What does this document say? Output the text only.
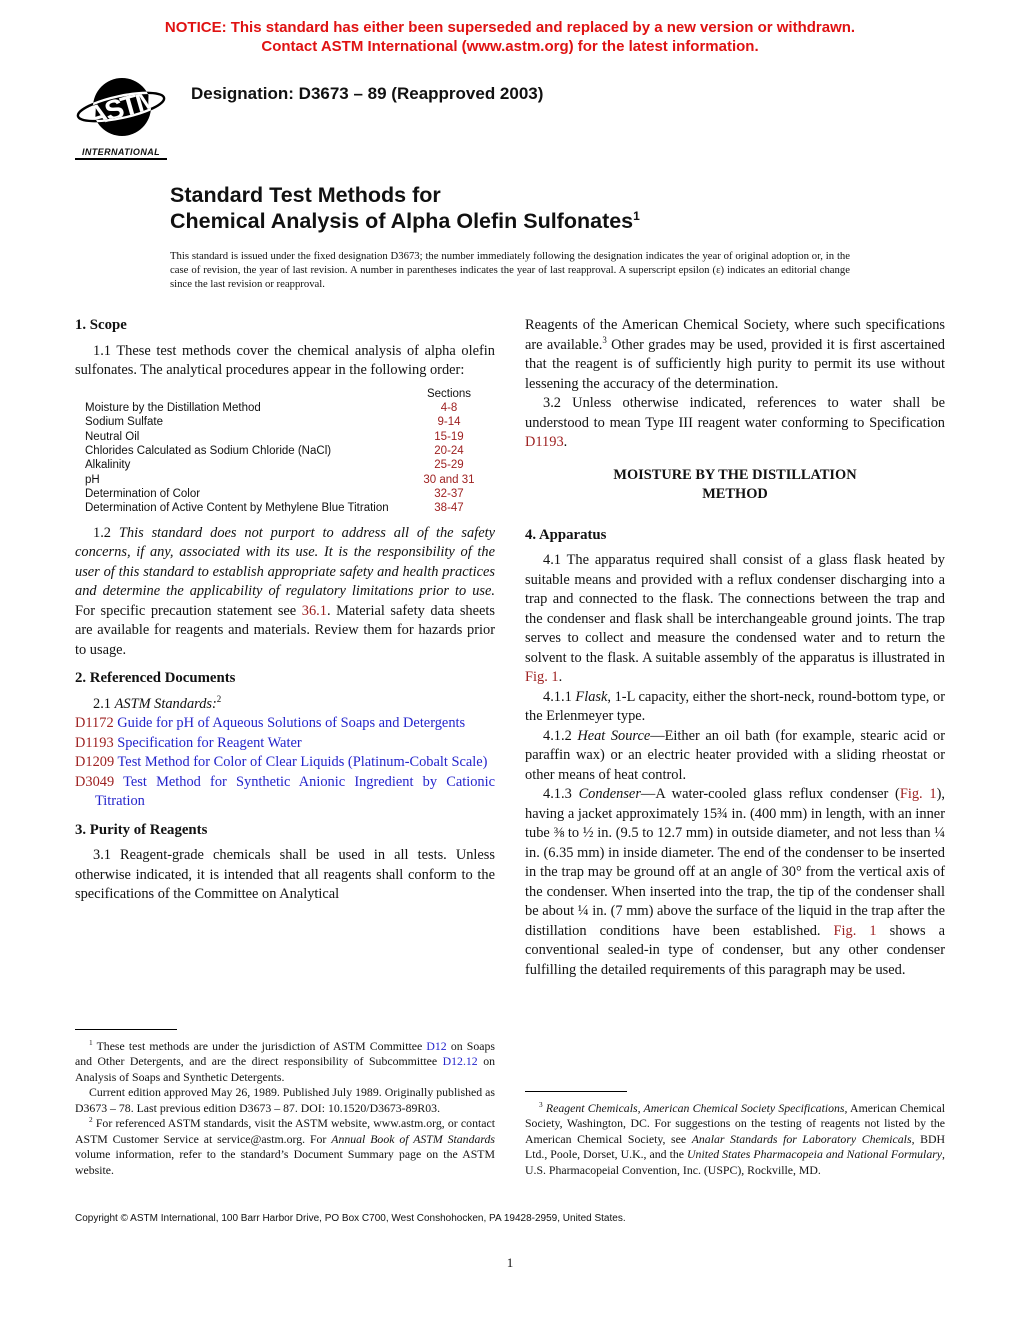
NOTICE: This standard has either been superseded and replaced by a new version or withdrawn.
Contact ASTM International (www.astm.org) for the latest information.
ASTM
INTERNATIONAL
Designation: D3673 – 89 (Reapproved 2003)
Standard Test Methods for
Chemical Analysis of Alpha Olefin Sulfonates$^1$
This standard is issued under the fixed designation D3673; the number immediately following the designation indicates the year of original adoption or, in the case of revision, the year of last revision. A number in parentheses indicates the year of last reapproval. A superscript epsilon (ε) indicates an editorial change since the last revision or reapproval.
1. Scope
1.1 These test methods cover the chemical analysis of alpha olefin sulfonates. The analytical procedures appear in the following order:
Sections
Moisture by the Distillation Method	4-8
Sodium Sulfate	9-14
Neutral Oil	15-19
Chlorides Calculated as Sodium Chloride (NaCl)	20-24
Alkalinity	25-29
pH	30 and 31
Determination of Color	32-37
Determination of Active Content by Methylene Blue Titration	38-47
1.2 This standard does not purport to address all of the safety concerns, if any, associated with its use. It is the responsibility of the user of this standard to establish appropriate safety and health practices and determine the applicability of regulatory limitations prior to use. For specific precaution statement see 36.1. Material safety data sheets are available for reagents and materials. Review them for hazards prior to usage.
2. Referenced Documents
2.1 ASTM Standards:$^2$
D1172 Guide for pH of Aqueous Solutions of Soaps and Detergents
D1193 Specification for Reagent Water
D1209 Test Method for Color of Clear Liquids (Platinum-Cobalt Scale)
D3049 Test Method for Synthetic Anionic Ingredient by Cationic Titration
3. Purity of Reagents
3.1 Reagent-grade chemicals shall be used in all tests. Unless otherwise indicated, it is intended that all reagents shall conform to the specifications of the Committee on Analytical
$^1$ These test methods are under the jurisdiction of ASTM Committee D12 on Soaps and Other Detergents, and are the direct responsibility of Subcommittee D12.12 on Analysis of Soaps and Synthetic Detergents.
Current edition approved May 26, 1989. Published July 1989. Originally published as D3673 – 78. Last previous edition D3673 – 87. DOI: 10.1520/D3673-89R03.
$^2$ For referenced ASTM standards, visit the ASTM website, www.astm.org, or contact ASTM Customer Service at service@astm.org. For Annual Book of ASTM Standards volume information, refer to the standard’s Document Summary page on the ASTM website.
Reagents of the American Chemical Society, where such specifications are available.$^3$ Other grades may be used, provided it is first ascertained that the reagent is of sufficiently high purity to permit its use without lessening the accuracy of the determination.
3.2 Unless otherwise indicated, references to water shall be understood to mean Type III reagent water conforming to Specification D1193.
MOISTURE BY THE DISTILLATION
METHOD
4. Apparatus
4.1 The apparatus required shall consist of a glass flask heated by suitable means and provided with a reflux condenser discharging into a trap and connected to the flask. The connections between the trap and the condenser and flask shall be interchangeable ground joints. The trap serves to collect and measure the condensed water and to return the solvent to the flask. A suitable assembly of the apparatus is illustrated in Fig. 1.
4.1.1 Flask, 1-L capacity, either the short-neck, round-bottom type, or the Erlenmeyer type.
4.1.2 Heat Source—Either an oil bath (for example, stearic acid or paraffin wax) or an electric heater provided with a sliding rheostat or other means of heat control.
4.1.3 Condenser—A water-cooled glass reflux condenser (Fig. 1), having a jacket approximately 15¾ in. (400 mm) in length, with an inner tube ⅜ to ½ in. (9.5 to 12.7 mm) in outside diameter, and not less than ¼ in. (6.35 mm) in inside diameter. The end of the condenser to be inserted in the trap may be ground off at an angle of 30° from the vertical axis of the condenser. When inserted into the trap, the tip of the condenser shall be about ¼ in. (7 mm) above the surface of the liquid in the trap after the distillation conditions have been established. Fig. 1 shows a conventional sealed-in type of condenser, but any other condenser fulfilling the detailed requirements of this paragraph may be used.
$^3$ Reagent Chemicals, American Chemical Society Specifications, American Chemical Society, Washington, DC. For suggestions on the testing of reagents not listed by the American Chemical Society, see Analar Standards for Laboratory Chemicals, BDH Ltd., Poole, Dorset, U.K., and the United States Pharmacopeia and National Formulary, U.S. Pharmacopeial Convention, Inc. (USPC), Rockville, MD.
Copyright © ASTM International, 100 Barr Harbor Drive, PO Box C700, West Conshohocken, PA 19428-2959, United States.
1
